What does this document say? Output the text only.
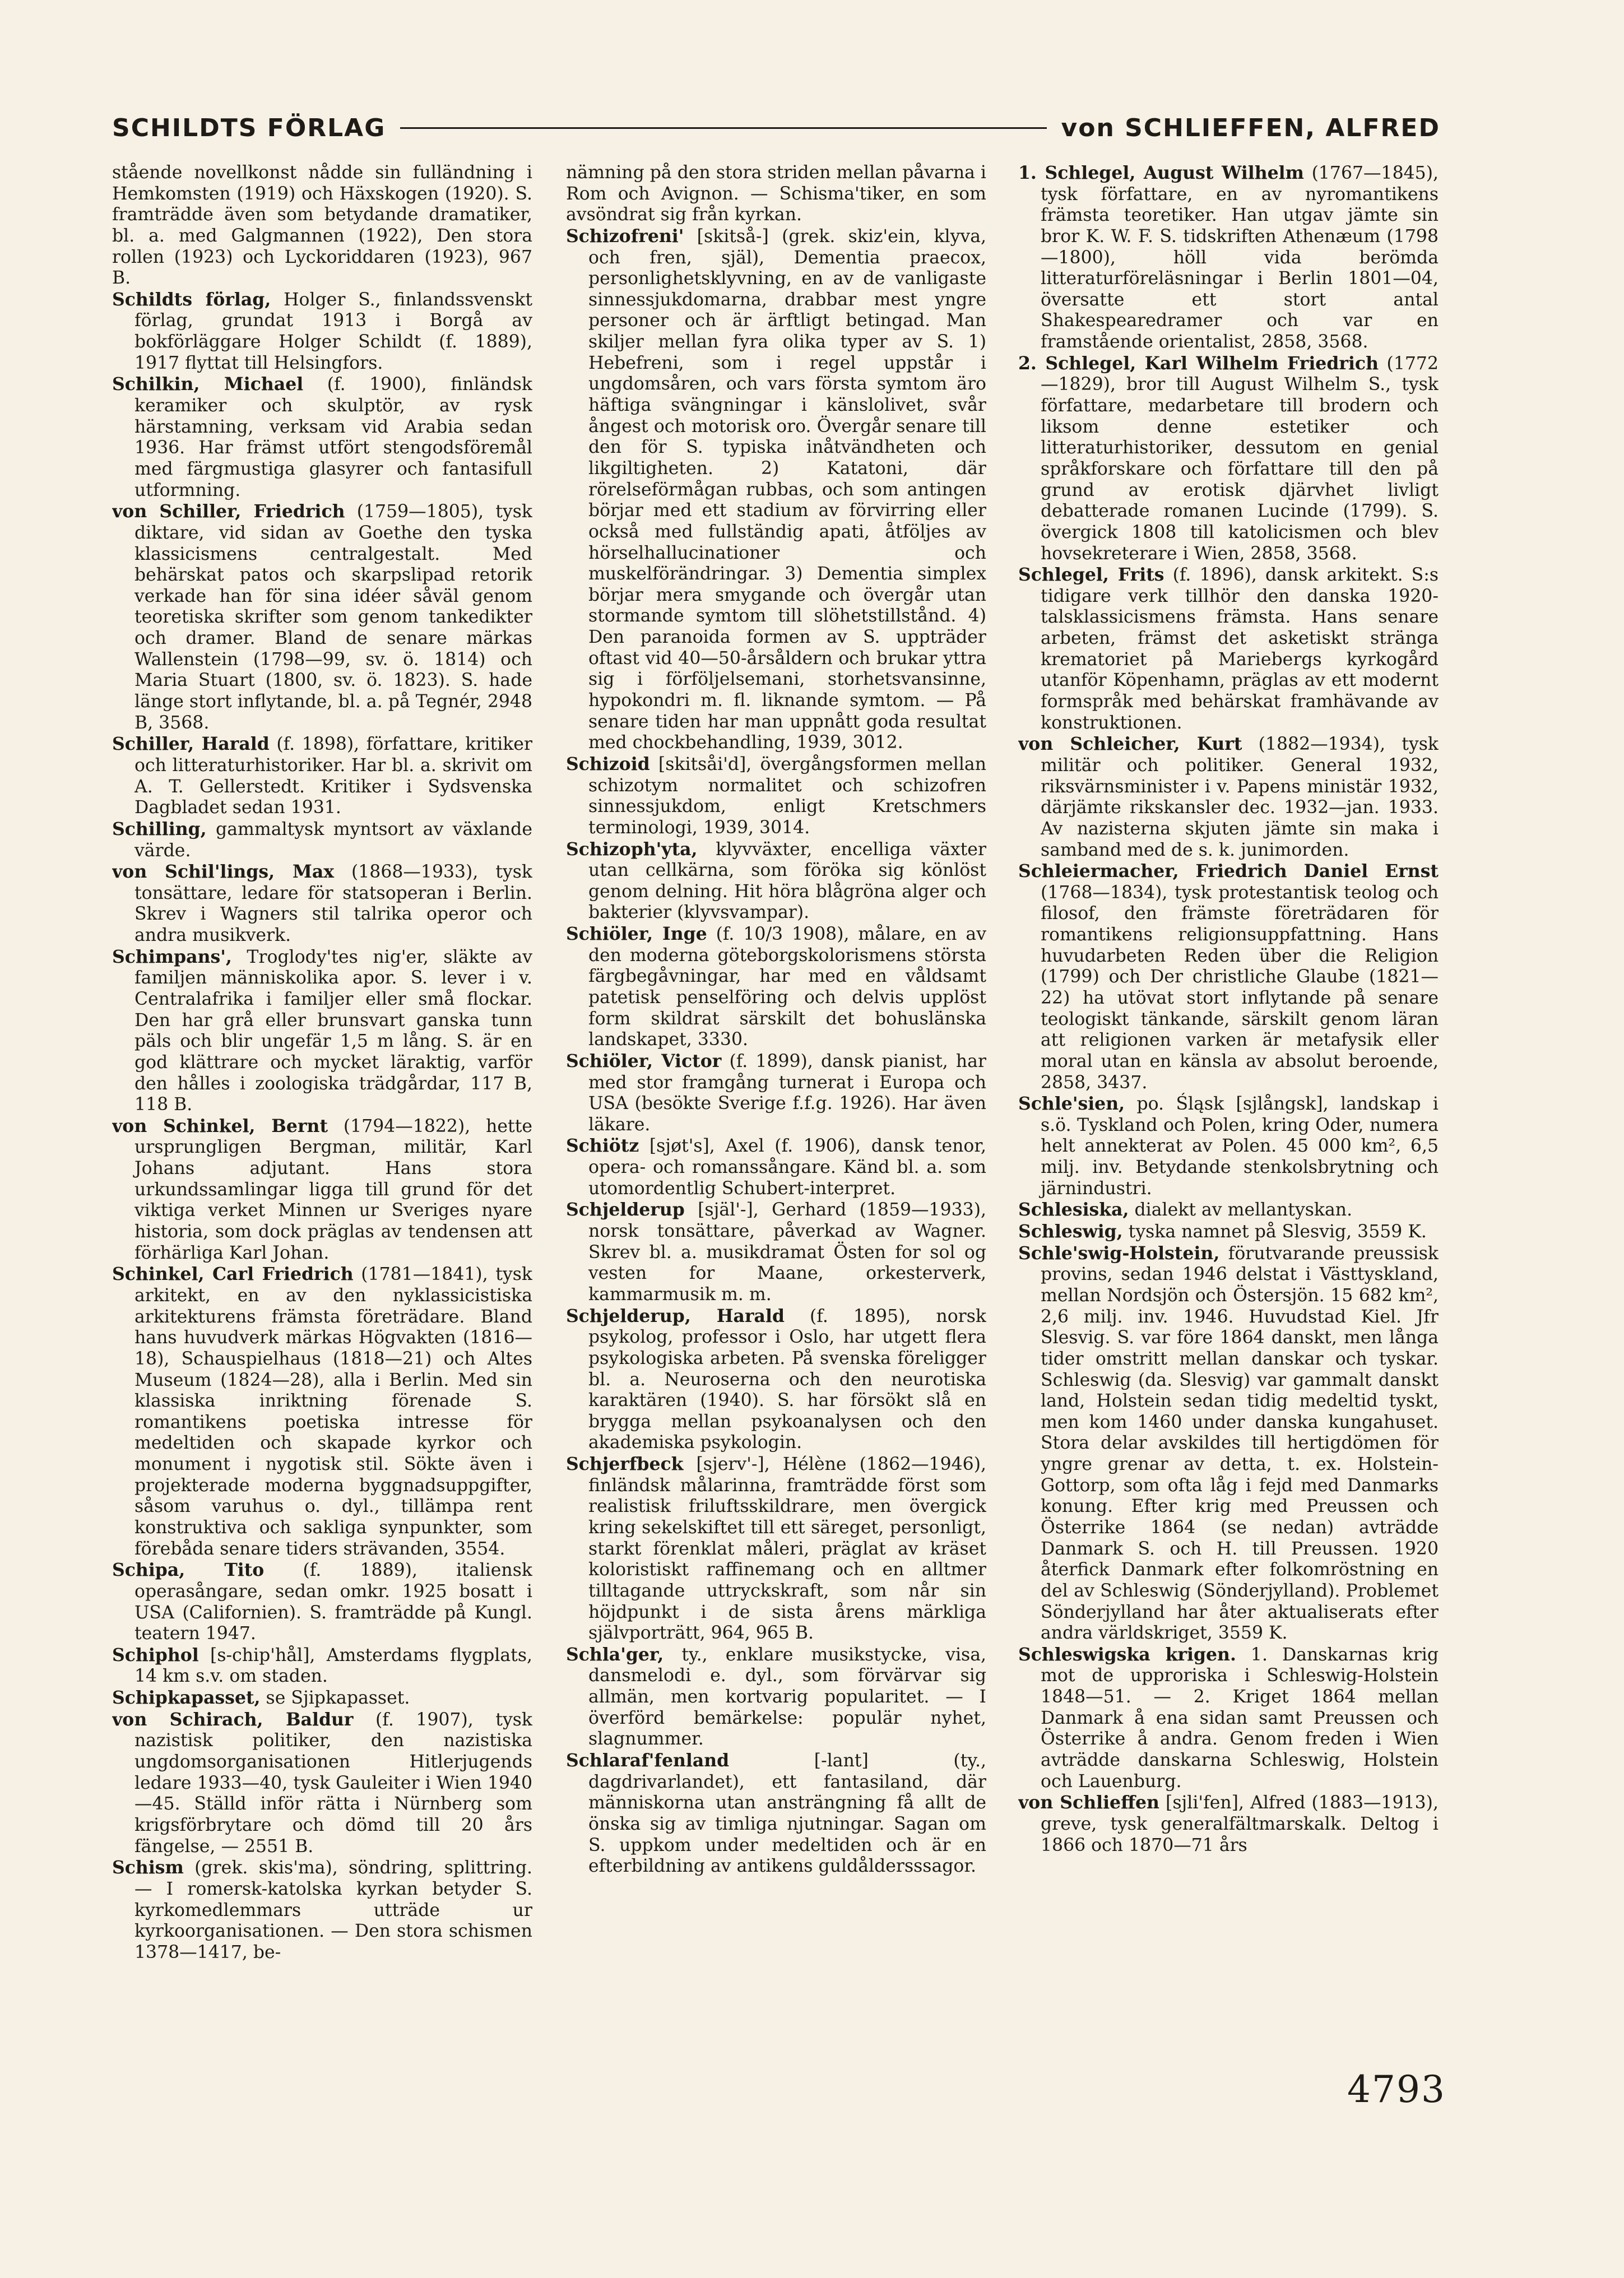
SCHILDTS FÖRLAG	von SCHLIEFFEN, ALFRED

stående novellkonst nådde sin fulländning i Hemkomsten (1919) och Häxskogen (1920). S. framträdde även som betydande dramatiker, bl. a. med Galgmannen (1922), Den stora rollen (1923) och Lyckoriddaren (1923), 967 B.

Schildts förlag, Holger S., finlandssvenskt förlag, grundat 1913 i Borgå av bokförläggare Holger Schildt (f. 1889), 1917 flyttat till Helsingfors.

Schilkin, Michael (f. 1900), finländsk keramiker och skulptör, av rysk härstamning, verksam vid Arabia sedan 1936. Har främst utfört stengodsföremål med färgmustiga glasyrer och fantasifull utformning.

von Schiller, Friedrich (1759—1805), tysk diktare, vid sidan av Goethe den tyska klassicismens centralgestalt. Med behärskat patos och skarpslipad retorik verkade han för sina idéer såväl genom teoretiska skrifter som genom tankedikter och dramer. Bland de senare märkas Wallenstein (1798—99, sv. ö. 1814) och Maria Stuart (1800, sv. ö. 1823). S. hade länge stort inflytande, bl. a. på Tegnér, 2948 B, 3568.

Schiller, Harald (f. 1898), författare, kritiker och litteraturhistoriker. Har bl. a. skrivit om A. T. Gellerstedt. Kritiker i Sydsvenska Dagbladet sedan 1931.

Schilling, gammaltysk myntsort av växlande värde.

von Schil'lings, Max (1868—1933), tysk tonsättare, ledare för statsoperan i Berlin. Skrev i Wagners stil talrika operor och andra musikverk.

Schimpans', Troglody'tes nig'er, släkte av familjen människolika apor. S. lever i v. Centralafrika i familjer eller små flockar. Den har grå eller brunsvart ganska tunn päls och blir ungefär 1,5 m lång. S. är en god klättrare och mycket läraktig, varför den hålles i zoologiska trädgårdar, 117 B, 118 B.

von Schinkel, Bernt (1794—1822), hette ursprungligen Bergman, militär, Karl Johans adjutant. Hans stora urkundssamlingar ligga till grund för det viktiga verket Minnen ur Sveriges nyare historia, som dock präglas av tendensen att förhärliga Karl Johan.

Schinkel, Carl Friedrich (1781—1841), tysk arkitekt, en av den nyklassicistiska arkitekturens främsta företrädare. Bland hans huvudverk märkas Högvakten (1816—18), Schauspielhaus (1818—21) och Altes Museum (1824—28), alla i Berlin. Med sin klassiska inriktning förenade S. romantikens poetiska intresse för medeltiden och skapade kyrkor och monument i nygotisk stil. Sökte även i projekterade moderna byggnadsuppgifter, såsom varuhus o. dyl., tillämpa rent konstruktiva och sakliga synpunkter, som förebåda senare tiders strävanden, 3554.

Schipa, Tito (f. 1889), italiensk operasångare, sedan omkr. 1925 bosatt i USA (Californien). S. framträdde på Kungl. teatern 1947.

Schiphol [s-chip'hål], Amsterdams flygplats, 14 km s.v. om staden.

Schipkapasset, se Sjipkapasset.

von Schirach, Baldur (f. 1907), tysk nazistisk politiker, den nazistiska ungdomsorganisationen Hitlerjugends ledare 1933—40, tysk Gauleiter i Wien 1940—45. Ställd inför rätta i Nürnberg som krigsförbrytare och dömd till 20 års fängelse, — 2551 B.

Schism (grek. skis'ma), söndring, splittring. — I romersk-katolska kyrkan betyder S. kyrkomedlemmars utträde ur kyrkoorganisationen. — Den stora schismen 1378—1417, be-

nämning på den stora striden mellan påvarna i Rom och Avignon. — Schisma'tiker, en som avsöndrat sig från kyrkan.

Schizofreni' [skitså-] (grek. skiz'ein, klyva, och fren, själ), Dementia praecox, personlighetsklyvning, en av de vanligaste sinnessjukdomarna, drabbar mest yngre personer och är ärftligt betingad. Man skiljer mellan fyra olika typer av S. 1) Hebefreni, som i regel uppstår i ungdomsåren, och vars första symtom äro häftiga svängningar i känslolivet, svår ångest och motorisk oro. Övergår senare till den för S. typiska inåtvändheten och likgiltigheten. 2) Katatoni, där rörelseförmågan rubbas, och som antingen börjar med ett stadium av förvirring eller också med fullständig apati, åtföljes av hörselhallucinationer och muskelförändringar. 3) Dementia simplex börjar mera smygande och övergår utan stormande symtom till slöhetstillstånd. 4) Den paranoida formen av S. uppträder oftast vid 40—50-årsåldern och brukar yttra sig i förföljelsemani, storhetsvansinne, hypokondri m. fl. liknande symtom. — På senare tiden har man uppnått goda resultat med chockbehandling, 1939, 3012.

Schizoid [skitsåi'd], övergångsformen mellan schizotym normalitet och schizofren sinnessjukdom, enligt Kretschmers terminologi, 1939, 3014.

Schizoph'yta, klyvväxter, encelliga växter utan cellkärna, som föröka sig könlöst genom delning. Hit höra blågröna alger och bakterier (klyvsvampar).

Schiöler, Inge (f. 10/3 1908), målare, en av den moderna göteborgskolorismens största färgbegåvningar, har med en våldsamt patetisk penselföring och delvis upplöst form skildrat särskilt det bohuslänska landskapet, 3330.

Schiöler, Victor (f. 1899), dansk pianist, har med stor framgång turnerat i Europa och USA (besökte Sverige f.f.g. 1926). Har även läkare.

Schiötz [sjøt's], Axel (f. 1906), dansk tenor, opera- och romanssångare. Känd bl. a. som utomordentlig Schubert-interpret.

Schjelderup [själ'-], Gerhard (1859—1933), norsk tonsättare, påverkad av Wagner. Skrev bl. a. musikdramat Östen for sol og vesten for Maane, orkesterverk, kammarmusik m. m.

Schjelderup, Harald (f. 1895), norsk psykolog, professor i Oslo, har utgett flera psykologiska arbeten. På svenska föreligger bl. a. Neuroserna och den neurotiska karaktären (1940). S. har försökt slå en brygga mellan psykoanalysen och den akademiska psykologin.

Schjerfbeck [sjerv'-], Hélène (1862—1946), finländsk målarinna, framträdde först som realistisk friluftsskildrare, men övergick kring sekelskiftet till ett säreget, personligt, starkt förenklat måleri, präglat av kräset koloristiskt raffinemang och en alltmer tilltagande uttryckskraft, som når sin höjdpunkt i de sista årens märkliga självporträtt, 964, 965 B.

Schla'ger, ty., enklare musikstycke, visa, dansmelodi e. dyl., som förvärvar sig allmän, men kortvarig popularitet. — I överförd bemärkelse: populär nyhet, slagnummer.

Schlaraf'fenland [-lant] (ty., dagdrivarlandet), ett fantasiland, där människorna utan ansträngning få allt de önska sig av timliga njutningar. Sagan om S. uppkom under medeltiden och är en efterbildning av antikens guldåldersssagor.

1. Schlegel, August Wilhelm (1767—1845), tysk författare, en av nyromantikens främsta teoretiker. Han utgav jämte sin bror K. W. F. S. tidskriften Athenæum (1798—1800), höll vida berömda litteraturföreläsningar i Berlin 1801—04, översatte ett stort antal Shakespearedramer och var en framstående orientalist, 2858, 3568.

2. Schlegel, Karl Wilhelm Friedrich (1772—1829), bror till August Wilhelm S., tysk författare, medarbetare till brodern och liksom denne estetiker och litteraturhistoriker, dessutom en genial språkforskare och författare till den på grund av erotisk djärvhet livligt debatterade romanen Lucinde (1799). S. övergick 1808 till katolicismen och blev hovsekreterare i Wien, 2858, 3568.

Schlegel, Frits (f. 1896), dansk arkitekt. S:s tidigare verk tillhör den danska 1920-talsklassicismens främsta. Hans senare arbeten, främst det asketiskt stränga krematoriet på Mariebergs kyrkogård utanför Köpenhamn, präglas av ett modernt formspråk med behärskat framhävande av konstruktionen.

von Schleicher, Kurt (1882—1934), tysk militär och politiker. General 1932, riksvärnsminister i v. Papens ministär 1932, därjämte rikskansler dec. 1932—jan. 1933. Av nazisterna skjuten jämte sin maka i samband med de s. k. junimorden.

Schleiermacher, Friedrich Daniel Ernst (1768—1834), tysk protestantisk teolog och filosof, den främste företrädaren för romantikens religionsuppfattning. Hans huvudarbeten Reden über die Religion (1799) och Der christliche Glaube (1821—22) ha utövat stort inflytande på senare teologiskt tänkande, särskilt genom läran att religionen varken är metafysik eller moral utan en känsla av absolut beroende, 2858, 3437.

Schle'sien, po. Śląsk [sjlångsk], landskap i s.ö. Tyskland och Polen, kring Oder, numera helt annekterat av Polen. 45 000 km², 6,5 milj. inv. Betydande stenkolsbrytning och järnindustri.

Schlesiska, dialekt av mellantyskan.

Schleswig, tyska namnet på Slesvig, 3559 K.

Schle'swig-Holstein, förutvarande preussisk provins, sedan 1946 delstat i Västtyskland, mellan Nordsjön och Östersjön. 15 682 km², 2,6 milj. inv. 1946. Huvudstad Kiel. Jfr Slesvig. S. var före 1864 danskt, men långa tider omstritt mellan danskar och tyskar. Schleswig (da. Slesvig) var gammalt danskt land, Holstein sedan tidig medeltid tyskt, men kom 1460 under danska kungahuset. Stora delar avskildes till hertigdömen för yngre grenar av detta, t. ex. Holstein-Gottorp, som ofta låg i fejd med Danmarks konung. Efter krig med Preussen och Österrike 1864 (se nedan) avträdde Danmark S. och H. till Preussen. 1920 återfick Danmark efter folkomröstning en del av Schleswig (Sönderjylland). Problemet Sönderjylland har åter aktualiserats efter andra världskriget, 3559 K.

Schleswigska krigen. 1. Danskarnas krig mot de upproriska i Schleswig-Holstein 1848—51. — 2. Kriget 1864 mellan Danmark å ena sidan samt Preussen och Österrike å andra. Genom freden i Wien avträdde danskarna Schleswig, Holstein och Lauenburg.

von Schlieffen [sjli'fen], Alfred (1883—1913), greve, tysk generalfältmarskalk. Deltog i 1866 och 1870—71 års

4793
